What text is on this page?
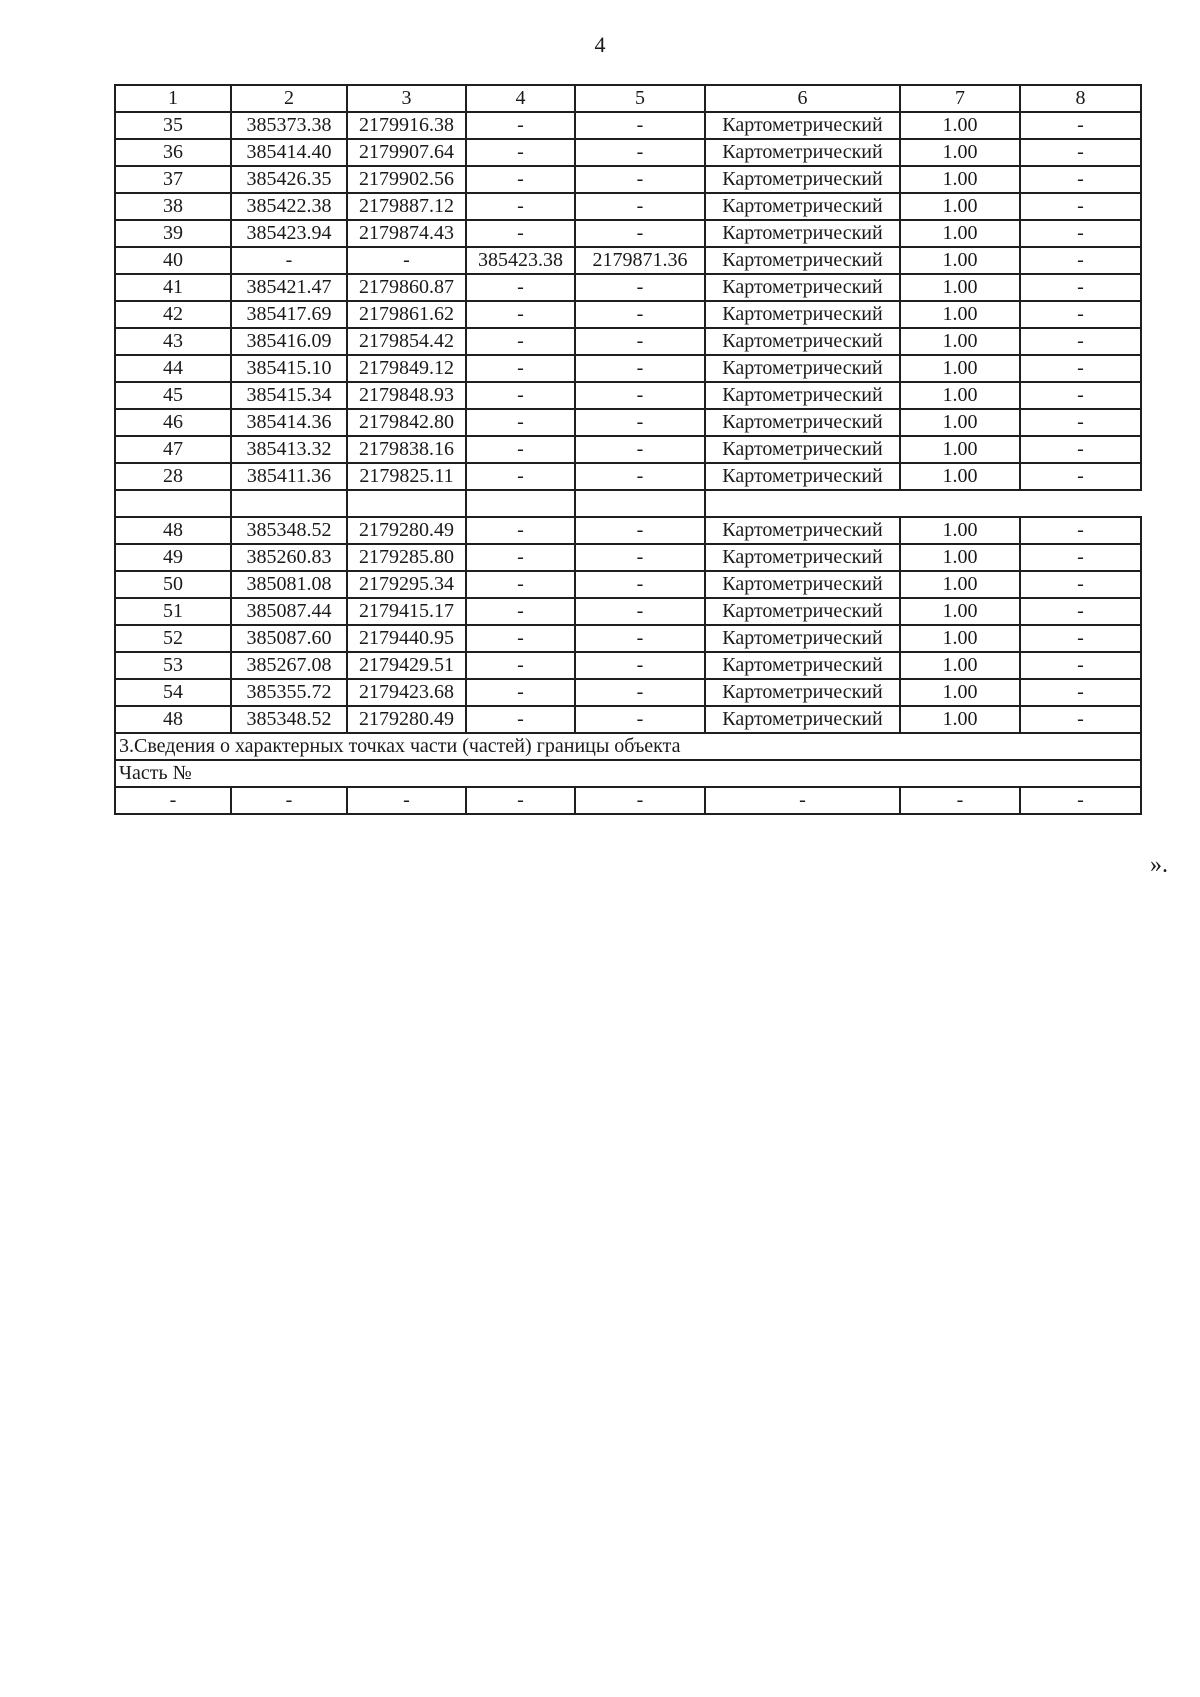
4
1	2	3	4	5	6	7	8
35	385373.38	2179916.38	-	-	Картометрический	1.00	-
36	385414.40	2179907.64	-	-	Картометрический	1.00	-
37	385426.35	2179902.56	-	-	Картометрический	1.00	-
38	385422.38	2179887.12	-	-	Картометрический	1.00	-
39	385423.94	2179874.43	-	-	Картометрический	1.00	-
40	-	-	385423.38	2179871.36	Картометрический	1.00	-
41	385421.47	2179860.87	-	-	Картометрический	1.00	-
42	385417.69	2179861.62	-	-	Картометрический	1.00	-
43	385416.09	2179854.42	-	-	Картометрический	1.00	-
44	385415.10	2179849.12	-	-	Картометрический	1.00	-
45	385415.34	2179848.93	-	-	Картометрический	1.00	-
46	385414.36	2179842.80	-	-	Картометрический	1.00	-
47	385413.32	2179838.16	-	-	Картометрический	1.00	-
28	385411.36	2179825.11	-	-	Картометрический	1.00	-

48	385348.52	2179280.49	-	-	Картометрический	1.00	-
49	385260.83	2179285.80	-	-	Картометрический	1.00	-
50	385081.08	2179295.34	-	-	Картометрический	1.00	-
51	385087.44	2179415.17	-	-	Картометрический	1.00	-
52	385087.60	2179440.95	-	-	Картометрический	1.00	-
53	385267.08	2179429.51	-	-	Картометрический	1.00	-
54	385355.72	2179423.68	-	-	Картометрический	1.00	-
48	385348.52	2179280.49	-	-	Картометрический	1.00	-
3.Сведения о характерных точках части (частей) границы объекта							
Часть №							
-	-	-	-	-	-	-	-
».
